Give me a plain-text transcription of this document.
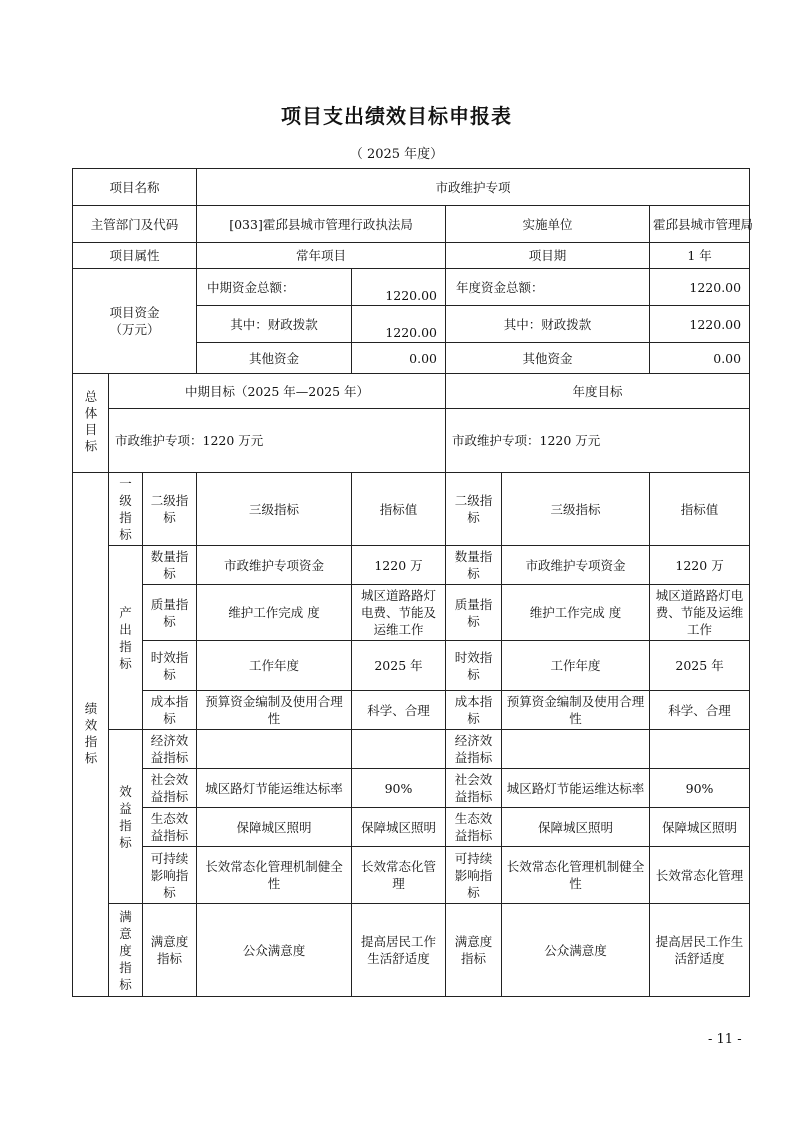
项目支出绩效目标申报表
（ 2025 年度）
项目名称			市政维护专项				
主管部门及代码			[033]霍邱县城市管理行政执法局		实施单位		霍邱县城市管理局
项目属性			常年项目		项目期		1 年
项目资金
（万元）			中期资金总额：	1220.00	年度资金总额：		1220.00
			其中：财政拨款	1220.00	其中：财政拨款		1220.00
			其他资金	0.00	其他资金		0.00
总体目标	中期目标（2025 年—2025 年）				年度目标		
	市政维护专项：1220 万元				市政维护专项：1220 万元		
绩效指标	一级指标	二级指标	三级指标	指标值	二级指标	三级指标	指标值
	产出指标	数量指标	市政维护专项资金	1220 万	数量指标	市政维护专项资金	1220 万
		质量指标	维护工作完成 度	城区道路路灯电费、节能及运维工作	质量指标	维护工作完成 度	城区道路路灯电费、节能及运维工作
		时效指标	工作年度	2025 年	时效指标	工作年度	2025 年
		成本指标	预算资金编制及使用合理性	科学、合理	成本指标	预算资金编制及使用合理性	科学、合理
	效益指标	经济效益指标			经济效益指标		
		社会效益指标	城区路灯节能运维达标率	90%	社会效益指标	城区路灯节能运维达标率	90%
		生态效益指标	保障城区照明	保障城区照明	生态效益指标	保障城区照明	保障城区照明
		可持续影响指标	长效常态化管理机制健全性	长效常态化管理	可持续影响指标	长效常态化管理机制健全性	长效常态化管理
	满意度指标	满意度指标	公众满意度	提高居民工作生活舒适度	满意度指标	公众满意度	提高居民工作生活舒适度
- 11 -
